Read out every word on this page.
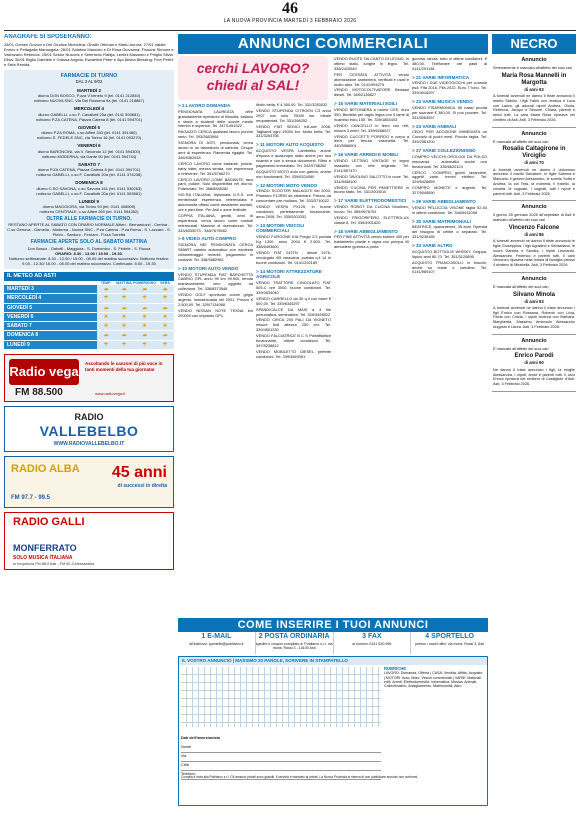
46
LA NUOVA PROVINCIA MARTEDÌ 3 FEBBRAIO 2026
ANAGRAFE SI SPOSERANNO:
28/01 Gomes Govoni e Del Giudice Michelina; Ghalib Othman e Mariu Aurora; 27/01 Vaiale Enrico e Pettagalla Mariangela; 26/01 Salatino Maurizio e Di Rosa Giovanna; Fissone Simone e Valenzano Rebecca; 25/01 Sektor Nusovic e Sefertovic Rabija; Lentini Massimo e Priiglio Silvia Elisa; 30/01 Biglia Gabriele e Grassa Angela; Ewalelloh Peter e Ayo Alisha Blessing; Fiori Petrhi e Sefa Renida.
FARMACIE DI TURNO
DAL 3 AL 9/02
MARTEDÌ 3
diurno DON BOSCO, P.zza V.Veneto 9 (tel. 0141 212840)
notturno NUOVA SNC, Via Del Rossena 9a (tel. 0141 218887)
MERCOLEDÌ 4
diurno GABELLI, c.so F. Cavallotti 20a (tel. 0141 593681)
notturno P.ZA CATENA, Piazza Catena 8 (tel. 0141 594701)
GIOVEDÌ 5
diurno P.ZA ROMA, c.so Alfieri 343 (tel. 0141 351480)
notturno S. FEDELE SNC, via Torino 16 (tel. 0141 093270)
VENERDÌ 6
diurno BARONCINI, via V. Secondo 12 (tel. 0141 594300)
notturno MODERNA, via Dante 90 (tel. 0141 594744)
SABATO 7
diurno P.ZA CATENA, Piazza Catena 8 (tel. 0141 594701)
notturno GABELLI, c.so F. Cavallotti 20a (tel. 0141 374238)
DOMENICA 8
diurno C.SO SAVONA, c.so Savona 161 (tel. 0141 530263)
notturno GABELLI, c.so F. Cavallotti 20a (tel. 0141 593681)
LUNEDÌ 9
diurno MAGGIORA, via Torino 93 (tel. 0141 408909)
notturno CENTRALE, c.so Alfieri 269 (tel. 0141 594282)
OLTRE ALLE FARMACIE DI TURNO,
RESTANO APERTE AL SABATO CON ORARIO NORMALE Alfieri - Bernardozzi - Cerrina - C.so Genova - Gamella - Moderna - Nuova SNC - P.za Catena - P.za Roma - S. Lazzaro - S. Pietro - Sardoni - Ferriani - P.zza Torretta
FARMACIE APERTE SOLO AL SABATO MATTINA
Don Bosco - Gabelli - Maggiora - S. Domenico - S. Fedele - S. Rocca
ORARIO: 8.30 - 13.00 / 15.00 - 19.30.
Notturno settimanale: 8.30 - 13.00 / 15.00 - 08.00 del mattino successivo. Notturno festivo: 9.00 - 12.30/ 16.00 - 08.00 del mattino successivo. Continuato: 8.00 - 19.30
IL METEO AD ASTI
	TEMP.	MATTINA	POMERIGGIO	SERA
MARTEDÌ 3	☁	☁	☁	☁
MERCOLEDÌ 4	☂	☂	☂	☂
GIOVEDÌ 5	☁	☁	☁	☁
VENERDÌ 6	☀	☀	☀	☀
SABATO 7	☀	☀	☀	☀
DOMENICA 8	☁	☁	☁	☁
LUNEDÌ 9	☂	☂	☂	☂
Radio vega
Ascoltando le canzoni di più voce in tanti momenti della tua giornata!
FM 88.500	www.radiovega.it
RADIO
VALLEBELBO
WWW.RADIOVALLEBELBO.IT
RADIO ALBA 45 anni
di successi in diretta
FM 97.7 - 99.5
RADIO GALLI
MONFERRATO
SOLO MUSICA ITALIANA
In frequenza FM 88.0 Asti - FM 90.3 Alessandria
ANNUNCI COMMERCIALI
> 2 LAVORO DOMANDA
PENSIONATA LAUREATA offre gratuitamente ripetizioni di filosofia, italiano e storia a studenti delle scuole medie inferiori e superiori. Tel. 347/1451522
RAGAZZO CERCA qualsiasi lavoro purché serio. Tel. 393/2683908
SIGNORA DI ASTI, pensionata, cerca lavoro in un laboratorio di sartoria. Cinque anni di esperienza. Ramenda rigaglie. Tel. 346/5362618
CERCO LAVORO come badante, pulizie, baby sitter, mezza serata, con esperienza e referenze. Tel. 351/6766270
CERCO LAVORO COME BADANTE, lavo parti, pulizie. Solo disponibilità nel diurno. Potenziato. Tel. 388/8848282
SIG.RA ITALIANA, diplomata O.S.S. con trentennale esperienza, referenziata e automunita offresi come assistente anziani, ore e part-time. Per Asti e zone limitrofe.
COPPIA ITALIANA, gentili, anni di esperienza, cerca lavoro come custodi referenziati. Massimi di riservatezza. Tel. 333/8335073 - 348/7675582
> 9 VIDEO AUTO COMPRO
SIGNORA NEI PENSIONATA CERCA SMART cambio automatico con modesta chilometraggio recente, pagamento in contanti. Tel. 338/3882962
> 10 MOTORI AUTO VENDO
VENDO STUPENDA FIAT BARCHETTA CABRIO GPL anno 99 km 99.900, tenuta maniacalmente, vero oggetto da collezione. Tel. 338/8373548
VENDO GOLF sportsvan colore grigio argento, immatricolata nel 2001. Prezzo € 2.500,00. Tel. 339/7134068
VENDO NISSAN NOTE TEKNA km 200000 con impianto GPL.
Molto bella, € 4.350,00. Tel. 331/3283032
VENDO STUPENDA CITROEN C3 anno 2007 con solo 75000 km. Ideale neopatentati. Tel. 331/398252
VENDO FIAT SEDICI full-axe 2008. Tagliandi ogni 15000 km. Molto bella. Tel. 331/3263756
> 11 MOTORI AUTO ACQUISTO
ACQUISTO VESPA Lambretta anche d'epoca e qualunque stato anche per uso ricambi e con o senza documenti. Ritiro e pagamento immediato. Tel. 342/5758262
ACQUISTO MOTO auto con gancio, anche non funzionanti. Tel. 339/6324080
> 12 MOTORI MOTO VENDO
VENDO SCOOTER MALAGUTI del 2003, Phantom F12R50 da sistemare. Prezzo da concordare pre-mollano. Tel. 333/3710022
VENDO VESPA PX125, in buone condizioni, perfettamente funzionante, anno 2008. Tel. 335/5203332
> 13 MOTORI VEICOLI COMMERCIALI
VENDO FURGONE KIA Pregio 2.5 portata Kg 1300, anno 2004 € 2.500. Tel. 338/6493600
VENDO FIAT 242TN - diesel 1976, omologato 4/5 caravana, portata q.li 14 in buone condizioni. Tel. 0141/292189
> 14 MOTORI ATTREZZATURE AGRICOLE
VENDO TRATTORE CINGOLATO FIAT 505-C ore 3000, buone condizioni. Tel. 339/2634040
VENDO CARRELLO da 30 q.li con barre € 500,00. Tel. 339/6345297
SPANDICALCE DA MAIS a 4 file pneumatica, seminatrice. Tel. 339/3428522
VENDO CIRCA 200 PALI DA VIGNETO misure 6x8 altezza 250 cm. Tel. 339/4501230
VENDO FALCIATRICE B C S Portaffiatrice funzionante, ottime condizioni. Tel. 347/5238812
VENDO MOBILETTO DIESEL perfette condizioni. Tel. 339/4569391
VENDO RUOTE DA CANTO DI LEGNO, in ottimo stato, lunghe in legno. Tel. 338/2415549
PER CESSATA ATTIVITÀ vendo atomizzatore cantoniera, verificati e usati e molto altro. Tel. 0141/994279
VENDO MOTOCOLTIVATORE Benassi diesel. Tel. 349/2136827
> 15 VARIE MATERIALI EDILI
VENDO BETONIERA a norme CEE, euro 300. Bindella per taglio legna con 5 lame di ricambio euro 150. Tel. 339/1853403
VENDO CANCELLO in ferro con reti, misura 3 metri. Tel. 339/6268027
VENDO CUCCETTI PORFIDO e corpo a lerra per tenuta vaschetta. Tel. 340/5588901
> 16 VARIE ARREDI E MOBILI
VENDO LETTINO VINTAGE in legno massello con rete originale. Tel. 0141/557470
VENDO TAVOLINO SALOTTO in noce. Tel. 334/8458100
VENDO CUCINA PER PANETTIERE in buono stato. Tel. 331/2004010
> 17 VARIE ELETTRODOMESTICI
VENDO ROBOT DA CUCINA Moulinex, nuovo. Tel. 389/9676761
VENDO FRIGORIFERO ELETTROLUX classe A. Tel. 339/4901620
> 18 VARIE ABBIGLIAMENTO
PER FINE ATTIVITÀ vendo bobine 400 per trattamento piante e vigna con pompa 40 atmosfere gomma a porta
gomma, lancia, tutto in ottime condizioni. € 480,00. Telefonare ore pasti al 0141/291138
> 21 VARIE INFORMATICA
VENDO I DUE VIDEOGIOCHI per console ps4: Fifa 2016, Fifa 2022. Euro 7 l'uno. Tel. 339/4016297
> 23 VARIE MUSICA VENDO
VENDO FISARMONICA 96 bassi pronta per suonare € 380,00. Si può provare. Tel. 331/5063537
> 24 VARIE ANIMALI
CEDO PER ADOZIONE IMMEDIATA un Cucciolo di pochi mesi. Piccola taglia. Tel. 339/2581200
> 27 VARIE COLLEZIONISMO
COMPRO VECCHI OROLOGI DA POLSO meccanici - automatici anche non funzionanti. Tel. 335/6620124
CERCO - COMPRO, giochi, lavandine, oggetti varie, trenini elettrici. Tel. 329/6426859
COMPRO MONETE e argento. Tel. 327/9048590
> 29 VARIE ABBIGLIAMENTO
VENDO PELLICCIA VISONE taglia 52-54 in ottime condizioni. Tel. 348/5431008
> 30 VARIE MATRIMONIALI
BEATRICE, quarantenne, 35 anni. Operaia del bisogno di celibe o separato. Tel. 331/9238185
> 33 VARIE ALTRO
ACQUISTO BOTTIGLIE WHISKY, Grappa, liquori anni 60-70. Tel. 351/3120895
ACQUISTO FRANCOBOLLI in blocchi, anche su buste e cartoline. Tel. 0141/969107
COME INSERIRE I TUOI ANNUNCI
1 E-MAIL
all'indirizzo: sportello@publiarco.it
2 POSTA ORDINARIA
spedire il coupon compilato a: Publiarco s.r.l. via mons. Rossi 3 - 14100 Asti
3 FAX
al numero 0141 530.996
4 SPORTELLO
presso i nostri uffici: via mons. Rossi 3, Asti
IL VOSTRO ANNUNCIO | MASSIMO 20 PAROLE, SCRIVERE IN STAMPATELLO
RUBRICHE
LAVORO: Domanda, Offerta | CASA: Vendita, Affitto, Acquisto | MOTORI: Auto, Moto, Veicoli commerciali | VARIE: Materiali edili, Arredi, Elettrodomestici, Informatica, Musica, Animali, Collezionismo, Abbigliamento, Matrimoniali, Altro
Dati dell'inserzionista
Nome
Via
Città
Telefono
Compila e invia alla Publiarco s.r.l. Gli annunci privati sono gratuiti. Il servizio è riservato ai privati. La Nuova Provincia si riserva di non pubblicare annunci non conformi.
cerchi LAVORO?
chiedi al SAL!
NECRO
Annuncio
Serenamente è mancata all'affetto dei suoi cari
Maria Rosa Mannelli in Margotta
di anni 63
A funerali avvenuti ne danno il triste annuncio il marito Sabino, i figli Fabio con Jessica e Luca con Laura, gli adorati nipoti Andrea, Giulia, Rebecca, Jacopo e Simone, Chiara, parenti e amici tutti. La cara Maria Rosa riposerà nel cimitero di Asti. Asti, 3 Febbraio 2026.
Annuncio
È mancata all'affetto dei suoi cari
Rosalia Caltagirone in Virciglio
di anni 70
A funerali avvenuti ne danno il dolorosso annuncio il marito Salvatore, le figlie Sabrina e Manuela, il genero Alessandro, le sorelle Sofia e Andrea, la zia Teta, la mamma, il fratello, la novella, le cognate, i cognati, tutti i nipoti e parenti tutti. Asti, 3 Febbraio 2026.
Annuncio
Il giorno 28 gennaio 2026 all'ospedale di Asti è mancato all'affetto dei suoi cari
Vincenzo Falcone
di anni 86
A funerali avvenuti ne danno il triste annuncio le figlie Giuseppina, i figli Agostino e Sebastiano, le nuore Daniela e Sandra, i nipoti Leonardo, Alessandro, Federico e parenti tutti. Il caro Vincenzo riposerà nella tomba di famiglia presso il cimitero di Mirabella. Asti, 3 Febbraio 2026.
Annuncio
È mancata all'affetto dei suoi cari
Silvano Minola
di anni 93
A funerali avvenuti ne danno il triste annuncio i figli Enrico con Rossana, Roberto con Livia, Paola con Cinzia, i nipoti Andrea con Barbara, Margherita, Massimo Ambrosio Alessandro Augusto e Laura. Asti, 3 Febbraio 2026.
Annuncio
È mancato all'affetto dei suoi cari
Enrico Parodi
di anni 90
Ne danno il triste annuncio i figli, la moglie Alessandra, i nipoti, amici e parenti tutti. Il caro Enrico riposerà nel cimitero di Castigliole d'Asti. Asti, 3 Febbraio 2026.
